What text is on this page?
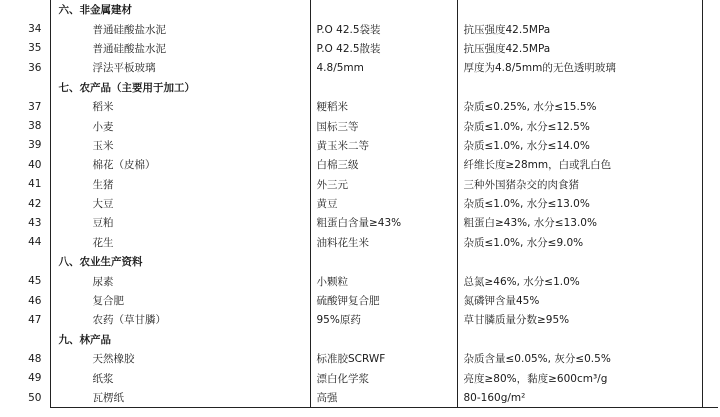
	六、非金属建材			
34	普通硅酸盐水泥	P.O 42.5袋装	抗压强度42.5MPa	
35	普通硅酸盐水泥	P.O 42.5散装	抗压强度42.5MPa	
36	浮法平板玻璃	4.8/5mm	厚度为4.8/5mm的无色透明玻璃	
	七、农产品（主要用于加工）			
37	稻米	粳稻米	杂质≤0.25%, 水分≤15.5%	
38	小麦	国标三等	杂质≤1.0%, 水分≤12.5%	
39	玉米	黄玉米二等	杂质≤1.0%, 水分≤14.0%	
40	棉花（皮棉）	白棉三级	纤维长度≥28mm，白或乳白色	
41	生猪	外三元	三种外国猪杂交的肉食猪	
42	大豆	黄豆	杂质≤1.0%, 水分≤13.0%	
43	豆粕	粗蛋白含量≥43%	粗蛋白≥43%, 水分≤13.0%	
44	花生	油料花生米	杂质≤1.0%, 水分≤9.0%	
	八、农业生产资料			
45	尿素	小颗粒	总氮≥46%, 水分≤1.0%	
46	复合肥	硫酸钾复合肥	氮磷钾含量45%	
47	农药（草甘膦）	95%原药	草甘膦质量分数≥95%	
	九、林产品			
48	天然橡胶	标准胶SCRWF	杂质含量≤0.05%, 灰分≤0.5%	
49	纸浆	漂白化学浆	亮度≥80%，黏度≥600cm³/g	
50	瓦楞纸	高强	80-160g/m²	
